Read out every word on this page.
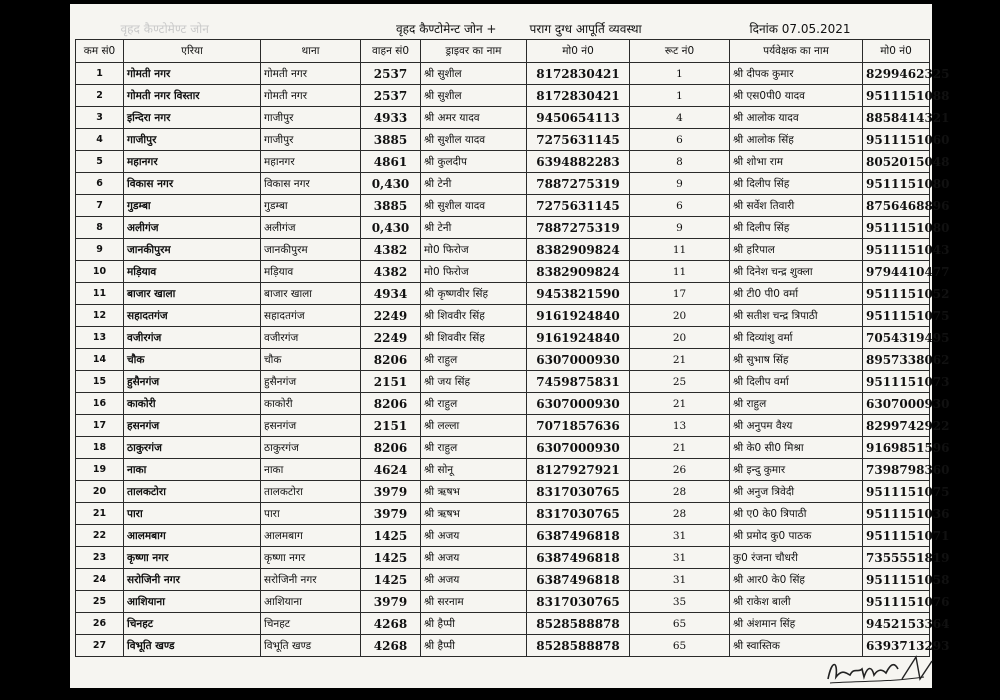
वृहद कैण्टोमेण्ट जोन			वृहद कैण्टोमेन्ट जोन +		पराग दुग्ध आपूर्ति व्यवस्था		दिनांक 07.05.2021	
कम सं0	एरिया	थाना	वाहन सं0	ड्राइवर का नाम	मो0 नं0	रूट नं0	पर्यवेक्षक का नाम	मो0 नं0
1	गोमती नगर	गोमती नगर	2537	श्री सुशील	8172830421	1	श्री दीपक कुमार	8299462325
2	गोमती नगर विस्तार	गोमती नगर	2537	श्री सुशील	8172830421	1	श्री एस0पी0 यादव	9511151088
3	इन्दिरा नगर	गाजीपुर	4933	श्री अमर यादव	9450654113	4	श्री आलोक यादव	8858414321
4	गाजीपुर	गाजीपुर	3885	श्री सुशील यादव	7275631145	6	श्री आलोक सिंह	9511151060
5	महानगर	महानगर	4861	श्री कुलदीप	6394882283	8	श्री शोभा राम	8052015048
6	विकास नगर	विकास नगर	0,430	श्री टेनी	7887275319	9	श्री दिलीप सिंह	9511151080
7	गुडम्बा	गुडम्बा	3885	श्री सुशील यादव	7275631145	6	श्री सर्वेश तिवारी	8756468896
8	अलीगंज	अलीगंज	0,430	श्री टेनी	7887275319	9	श्री दिलीप सिंह	9511151080
9	जानकीपुरम	जानकीपुरम	4382	मो0 फिरोज	8382909824	11	श्री हरिपाल	9511151043
10	मड़ियाव	मड़ियाव	4382	मो0 फिरोज	8382909824	11	श्री दिनेश चन्द्र शुक्ला	9794410477
11	बाजार खाला	बाजार खाला	4934	श्री कृष्णवीर सिंह	9453821590	17	श्री टी0 पी0 वर्मा	9511151052
12	सहादतगंज	सहादतगंज	2249	श्री शिववीर सिंह	9161924840	20	श्री सतीश चन्द्र त्रिपाठी	9511151075
13	वजीरगंज	वजीरगंज	2249	श्री शिववीर सिंह	9161924840	20	श्री दिव्यांशु वर्मा	7054319495
14	चौक	चौक	8206	श्री राहुल	6307000930	21	श्री सुभाष सिंह	8957338062
15	हुसैनगंज	हुसैनगंज	2151	श्री जय सिंह	7459875831	25	श्री दिलीप वर्मा	9511151073
16	काकोरी	काकोरी	8206	श्री राहुल	6307000930	21	श्री राहुल	6307000930
17	हसनगंज	हसनगंज	2151	श्री लल्ला	7071857636	13	श्री अनुपम वैश्य	8299742922
18	ठाकुरगंज	ठाकुरगंज	8206	श्री राहुल	6307000930	21	श्री के0 सी0 मिश्रा	9169851596
19	नाका	नाका	4624	श्री सोनू	8127927921	26	श्री इन्दु कुमार	7398798360
20	तालकटोरा	तालकटोरा	3979	श्री ऋषभ	8317030765	28	श्री अनुज त्रिवेदी	9511151075
21	पारा	पारा	3979	श्री ऋषभ	8317030765	28	श्री ए0 के0 त्रिपाठी	9511151036
22	आलमबाग	आलमबाग	1425	श्री अजय	6387496818	31	श्री प्रमोद कु0 पाठक	9511151071
23	कृष्णा नगर	कृष्णा नगर	1425	श्री अजय	6387496818	31	कु0 रंजना चौधरी	7355551819
24	सरोजिनी नगर	सरोजिनी नगर	1425	श्री अजय	6387496818	31	श्री आर0 के0 सिंह	9511151058
25	आशियाना	आशियाना	3979	श्री सरनाम	8317030765	35	श्री राकेश बाली	9511151076
26	चिनहट	चिनहट	4268	श्री हैप्पी	8528588878	65	श्री अंशमान सिंह	9452153364
27	विभूति खण्ड	विभूति खण्ड	4268	श्री हैप्पी	8528588878	65	श्री स्वास्तिक	6393713293
